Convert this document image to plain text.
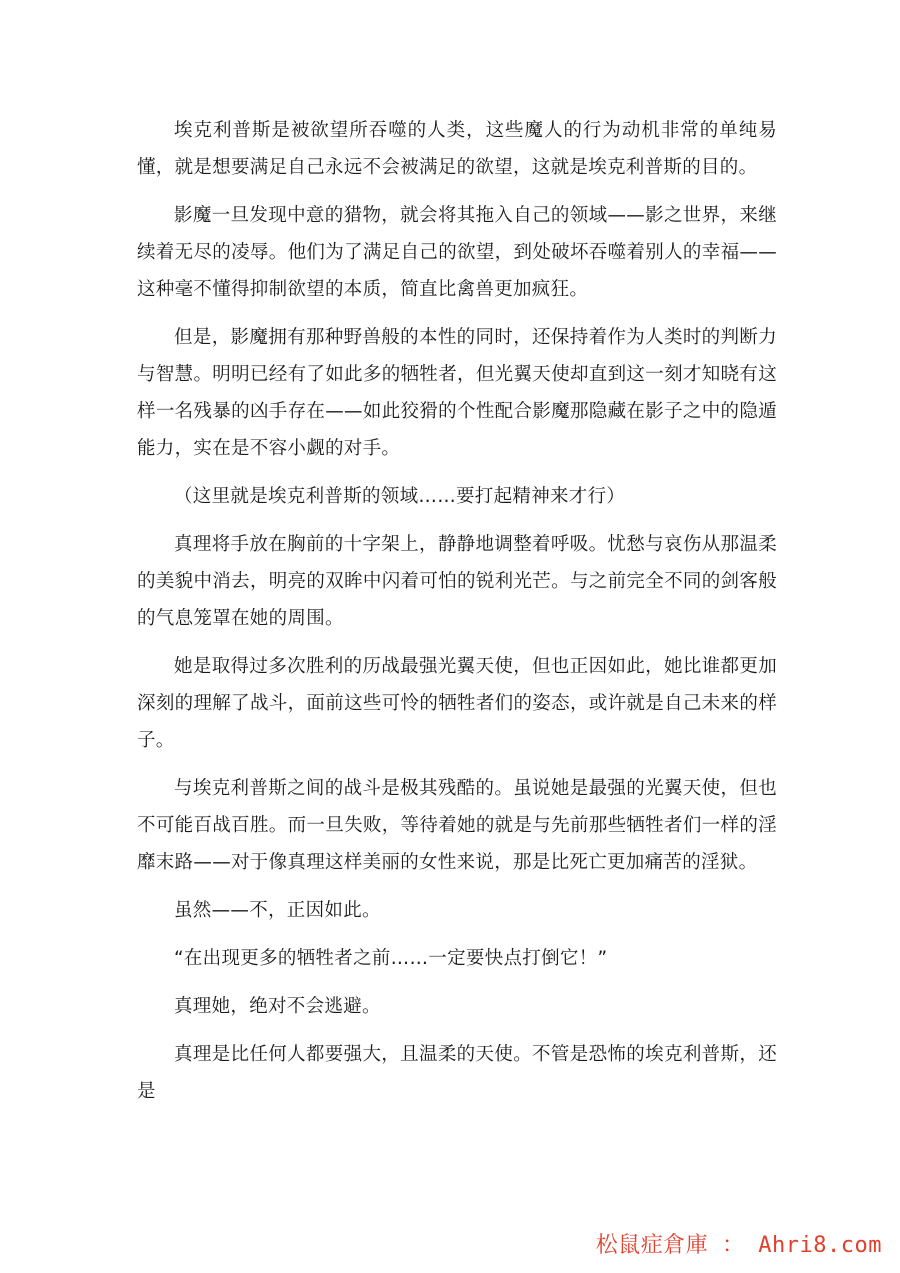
埃克利普斯是被欲望所吞噬的人类，这些魔人的行为动机非常的单纯易懂，就是想要满足自己永远不会被满足的欲望，这就是埃克利普斯的目的。

影魔一旦发现中意的猎物，就会将其拖入自己的领域——影之世界，来继续着无尽的凌辱。他们为了满足自己的欲望，到处破坏吞噬着别人的幸福——这种毫不懂得抑制欲望的本质，简直比禽兽更加疯狂。

但是，影魔拥有那种野兽般的本性的同时，还保持着作为人类时的判断力与智慧。明明已经有了如此多的牺牲者，但光翼天使却直到这一刻才知晓有这样一名残暴的凶手存在——如此狡猾的个性配合影魔那隐藏在影子之中的隐遁能力，实在是不容小觑的对手。

（这里就是埃克利普斯的领域……要打起精神来才行）

真理将手放在胸前的十字架上，静静地调整着呼吸。忧愁与哀伤从那温柔的美貌中消去，明亮的双眸中闪着可怕的锐利光芒。与之前完全不同的剑客般的气息笼罩在她的周围。

她是取得过多次胜利的历战最强光翼天使，但也正因如此，她比谁都更加深刻的理解了战斗，面前这些可怜的牺牲者们的姿态，或许就是自己未来的样子。

与埃克利普斯之间的战斗是极其残酷的。虽说她是最强的光翼天使，但也不可能百战百胜。而一旦失败，等待着她的就是与先前那些牺牲者们一样的淫靡末路——对于像真理这样美丽的女性来说，那是比死亡更加痛苦的淫狱。

虽然——不，正因如此。

“在出现更多的牺牲者之前……一定要快点打倒它！”

真理她，绝对不会逃避。

真理是比任何人都要强大，且温柔的天使。不管是恐怖的埃克利普斯，还是

松鼠症倉庫 ： Ahri8.com
